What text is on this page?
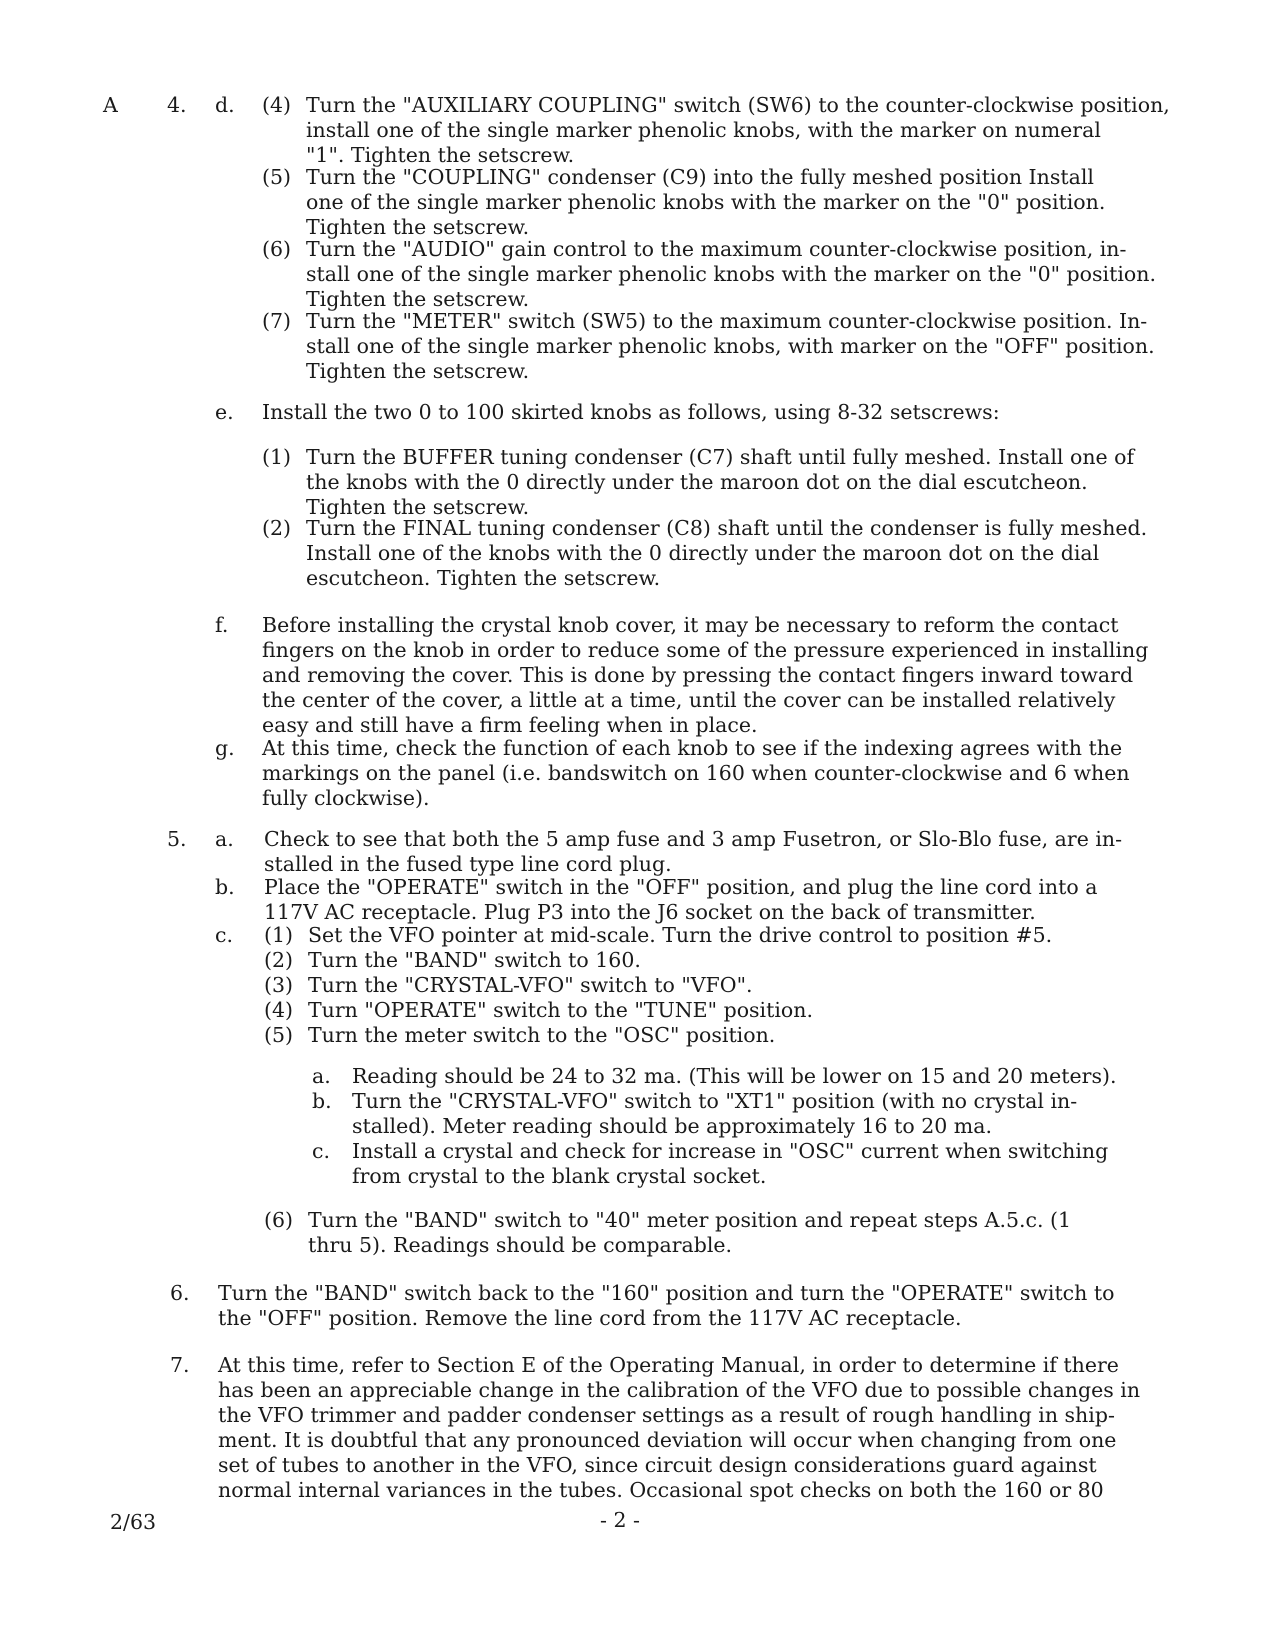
A 4. d. (4) Turn the "AUXILIARY COUPLING" switch (SW6) to the counter-clockwise position,
install one of the single marker phenolic knobs, with the marker on numeral
"1". Tighten the setscrew.
(5) Turn the "COUPLING" condenser (C9) into the fully meshed position Install
one of the single marker phenolic knobs with the marker on the "0" position.
Tighten the setscrew.
(6) Turn the "AUDIO" gain control to the maximum counter-clockwise position, in-
stall one of the single marker phenolic knobs with the marker on the "0" position.
Tighten the setscrew.
(7) Turn the "METER" switch (SW5) to the maximum counter-clockwise position. In-
stall one of the single marker phenolic knobs, with marker on the "OFF" position.
Tighten the setscrew.
e. Install the two 0 to 100 skirted knobs as follows, using 8-32 setscrews:
(1) Turn the BUFFER tuning condenser (C7) shaft until fully meshed. Install one of
the knobs with the 0 directly under the maroon dot on the dial escutcheon.
Tighten the setscrew.
(2) Turn the FINAL tuning condenser (C8) shaft until the condenser is fully meshed.
Install one of the knobs with the 0 directly under the maroon dot on the dial
escutcheon. Tighten the setscrew.
f. Before installing the crystal knob cover, it may be necessary to reform the contact
fingers on the knob in order to reduce some of the pressure experienced in installing
and removing the cover. This is done by pressing the contact fingers inward toward
the center of the cover, a little at a time, until the cover can be installed relatively
easy and still have a firm feeling when in place.
g. At this time, check the function of each knob to see if the indexing agrees with the
markings on the panel (i.e. bandswitch on 160 when counter-clockwise and 6 when
fully clockwise).
5. a. Check to see that both the 5 amp fuse and 3 amp Fusetron, or Slo-Blo fuse, are in-
stalled in the fused type line cord plug.
b. Place the "OPERATE" switch in the "OFF" position, and plug the line cord into a
117V AC receptacle. Plug P3 into the J6 socket on the back of transmitter.
c. (1) Set the VFO pointer at mid-scale. Turn the drive control to position #5.
(2) Turn the "BAND" switch to 160.
(3) Turn the "CRYSTAL-VFO" switch to "VFO".
(4) Turn "OPERATE" switch to the "TUNE" position.
(5) Turn the meter switch to the "OSC" position.
a. Reading should be 24 to 32 ma. (This will be lower on 15 and 20 meters).
b. Turn the "CRYSTAL-VFO" switch to "XT1" position (with no crystal in-
stalled). Meter reading should be approximately 16 to 20 ma.
c. Install a crystal and check for increase in "OSC" current when switching
from crystal to the blank crystal socket.
(6) Turn the "BAND" switch to "40" meter position and repeat steps A.5.c. (1
thru 5). Readings should be comparable.
6. Turn the "BAND" switch back to the "160" position and turn the "OPERATE" switch to
the "OFF" position. Remove the line cord from the 117V AC receptacle.
7. At this time, refer to Section E of the Operating Manual, in order to determine if there
has been an appreciable change in the calibration of the VFO due to possible changes in
the VFO trimmer and padder condenser settings as a result of rough handling in ship-
ment. It is doubtful that any pronounced deviation will occur when changing from one
set of tubes to another in the VFO, since circuit design considerations guard against
normal internal variances in the tubes. Occasional spot checks on both the 160 or 80
2/63	- 2 -
